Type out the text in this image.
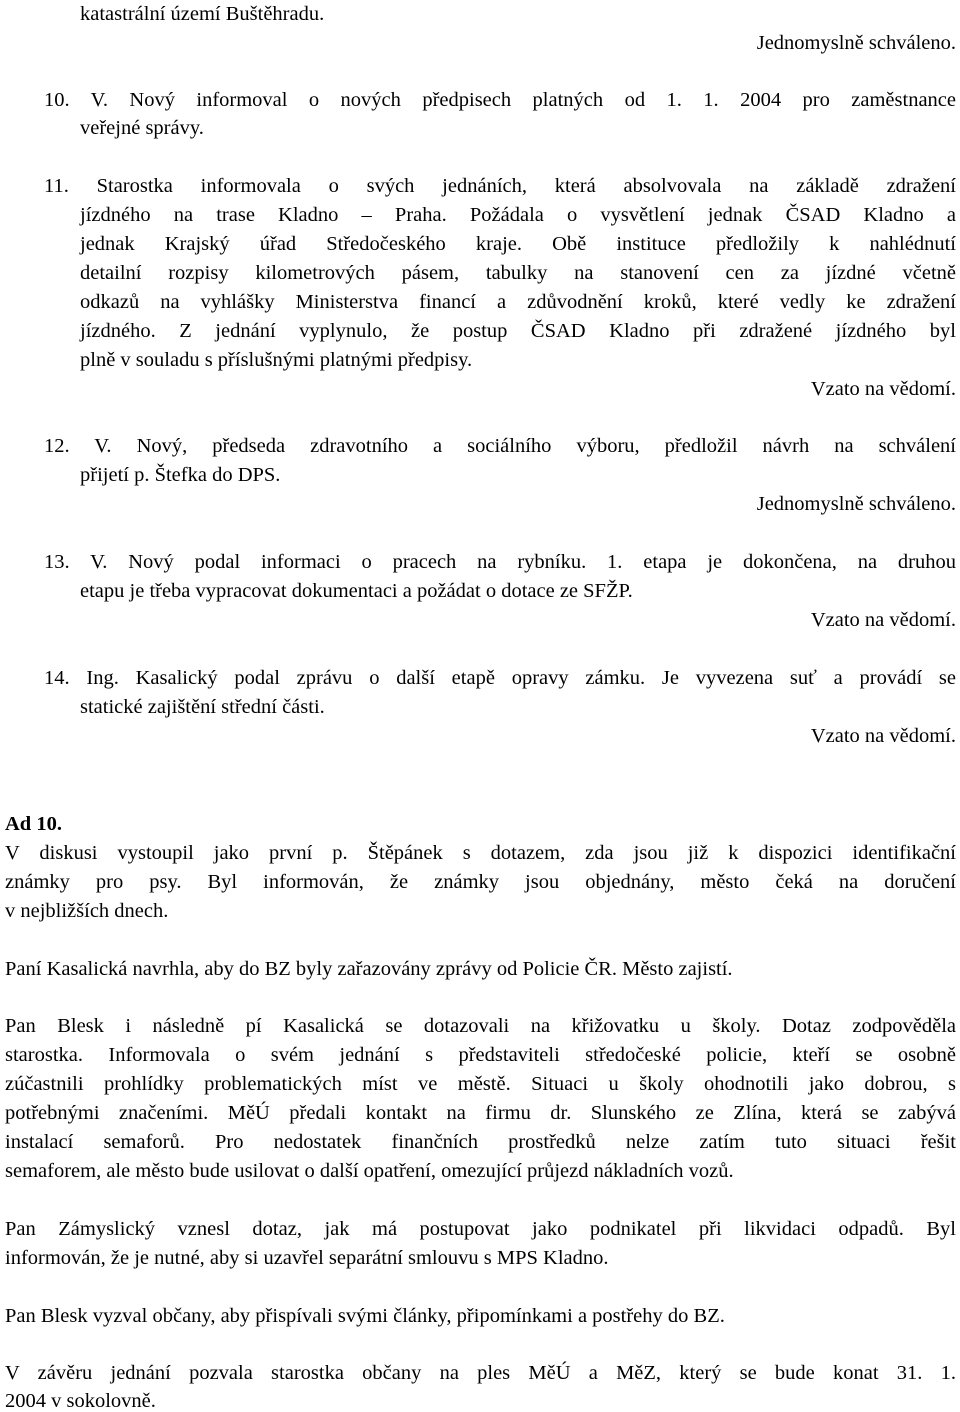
katastrální území Buštěhradu.
Jednomyslně schváleno.
10. V. Nový informoval o nových předpisech platných od 1. 1. 2004 pro zaměstnance
veřejné správy.
11. Starostka informovala o svých jednáních, která absolvovala na základě zdražení
jízdného na trase Kladno – Praha. Požádala o vysvětlení jednak ČSAD Kladno a
jednak Krajský úřad Středočeského kraje. Obě instituce předložily k nahlédnutí
detailní rozpisy kilometrových pásem, tabulky na stanovení cen za jízdné včetně
odkazů na vyhlášky Ministerstva financí a zdůvodnění kroků, které vedly ke zdražení
jízdného. Z jednání vyplynulo, že postup ČSAD Kladno při zdražené jízdného byl
plně v souladu s příslušnými platnými předpisy.
Vzato na vědomí.
12. V. Nový, předseda zdravotního a sociálního výboru, předložil návrh na schválení
přijetí p. Štefka do DPS.
Jednomyslně schváleno.
13. V. Nový podal informaci o pracech na rybníku. 1. etapa je dokončena, na druhou
etapu je třeba vypracovat dokumentaci a požádat o dotace ze SFŽP.
Vzato na vědomí.
14. Ing. Kasalický podal zprávu o další etapě opravy zámku. Je vyvezena suť a provádí se
statické zajištění střední části.
Vzato na vědomí.
Ad 10.
V diskusi vystoupil jako první p. Štěpánek s dotazem, zda jsou již k dispozici identifikační
známky pro psy. Byl informován, že známky jsou objednány, město čeká na doručení
v nejbližších dnech.
Paní Kasalická navrhla, aby do BZ byly zařazovány zprávy od Policie ČR. Město zajistí.
Pan Blesk i následně pí Kasalická se dotazovali na křižovatku u školy. Dotaz zodpověděla
starostka. Informovala o svém jednání s představiteli středočeské policie, kteří se osobně
zúčastnili prohlídky problematických míst ve městě. Situaci u školy ohodnotili jako dobrou, s
potřebnými značeními. MěÚ předali kontakt na firmu dr. Slunského ze Zlína, která se zabývá
instalací semaforů. Pro nedostatek finančních prostředků nelze zatím tuto situaci řešit
semaforem, ale město bude usilovat o další opatření, omezující průjezd nákladních vozů.
Pan Zámyslický vznesl dotaz, jak má postupovat jako podnikatel při likvidaci odpadů. Byl
informován, že je nutné, aby si uzavřel separátní smlouvu s MPS Kladno.
Pan Blesk vyzval občany, aby přispívali svými články, připomínkami a postřehy do BZ.
V závěru jednání pozvala starostka občany na ples MěÚ a MěZ, který se bude konat 31. 1.
2004 v sokolovně.
